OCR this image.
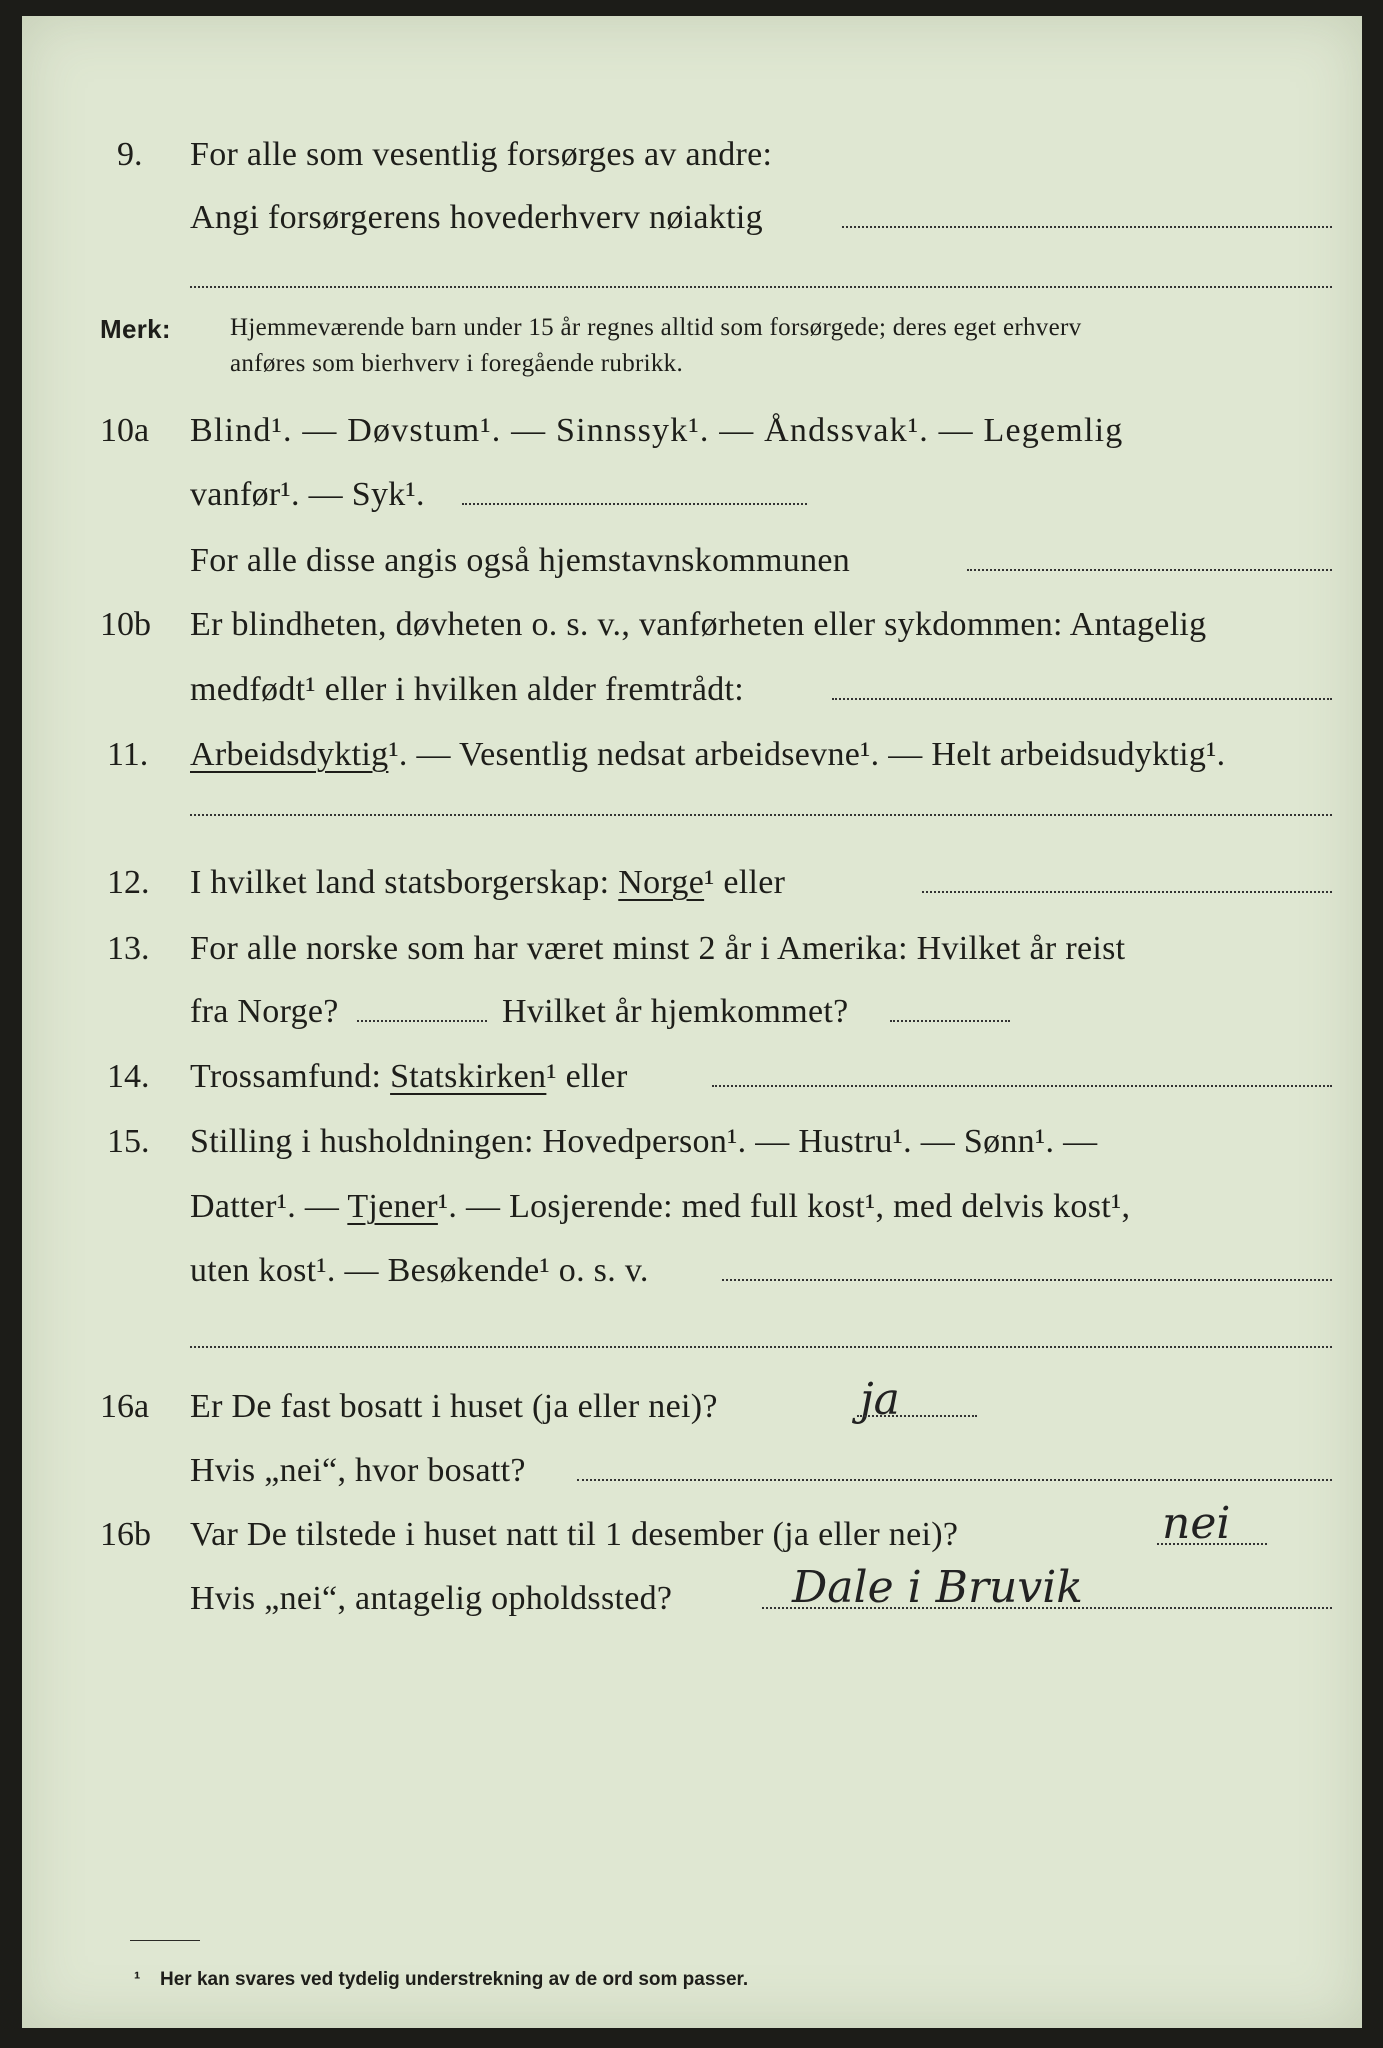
9. For alle som vesentlig forsørges av andre:
Angi forsørgerens hovederhverv nøiaktig
Merk: Hjemmeværende barn under 15 år regnes alltid som forsørgede; deres eget erhverv
anføres som bierhverv i foregående rubrikk.
10a Blind¹. — Døvstum¹. — Sinnssyk¹. — Åndssvak¹. — Legemlig
vanfør¹. — Syk¹.
For alle disse angis også hjemstavnskommunen
10b Er blindheten, døvheten o. s. v., vanførheten eller sykdommen: Antagelig
medfødt¹ eller i hvilken alder fremtrådt:
11. Arbeidsdyktig¹. — Vesentlig nedsat arbeidsevne¹. — Helt arbeidsudyktig¹.
12. I hvilket land statsborgerskap: Norge¹ eller
13. For alle norske som har været minst 2 år i Amerika: Hvilket år reist
fra Norge?	Hvilket år hjemkommet?
14. Trossamfund: Statskirken¹ eller
15. Stilling i husholdningen: Hovedperson¹. — Hustru¹. — Sønn¹. —
Datter¹. — Tjener¹. — Losjerende: med full kost¹, med delvis kost¹,
uten kost¹. — Besøkende¹ o. s. v.
16a Er De fast bosatt i huset (ja eller nei)?	ja
Hvis „nei“, hvor bosatt?
16b Var De tilstede i huset natt til 1 desember (ja eller nei)?	nei
Hvis „nei“, antagelig opholdssted?	Dale i Bruvik
¹ Her kan svares ved tydelig understrekning av de ord som passer.
